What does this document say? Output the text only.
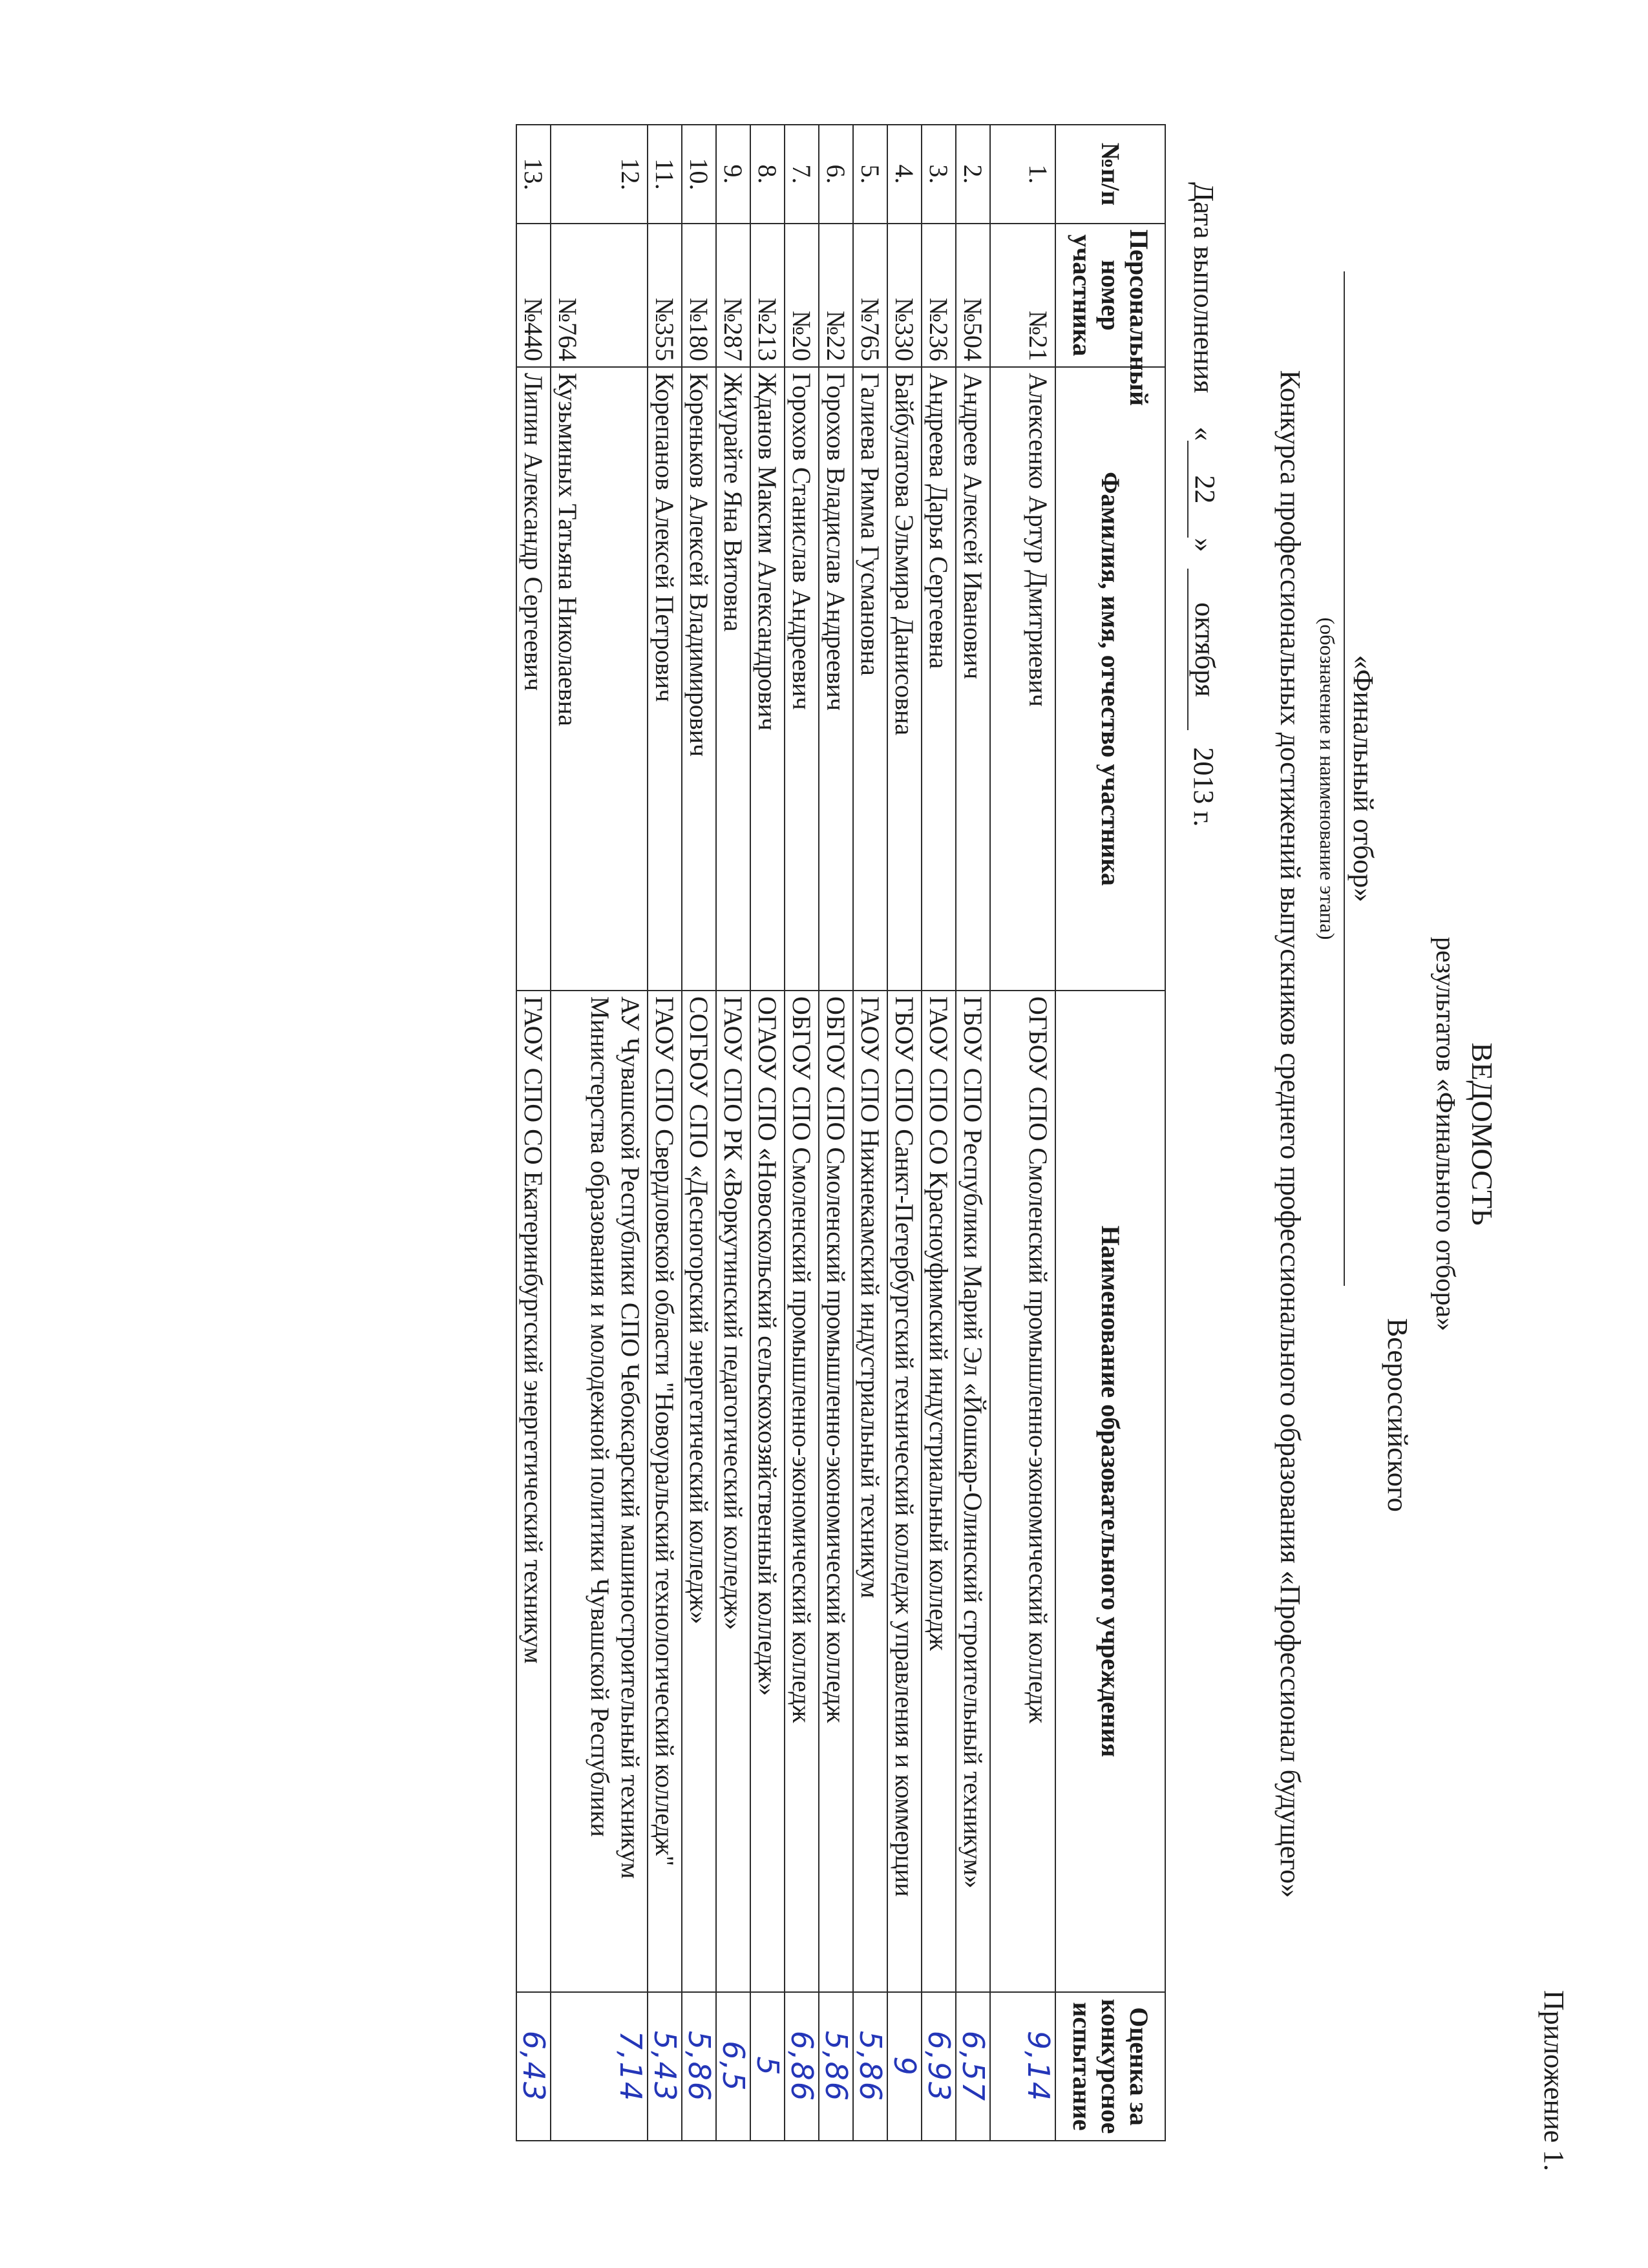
Приложение 1.
ВЕДОМОСТЬ
результатов «Финального отбора»
Всероссийского
«Финальный отбор»
(обозначение и наименование этапа)
Конкурса профессиональных достижений выпускников среднего профессионального образования «Профессионал будущего»
Дата выполнения
«
22
»
октября
2013 г.
№п/п	Персональный номер участника	Фамилия, имя, отчество участника	Наименование образовательного учреждения	Оценка за конкурсное испытание
1.	№21	Алексенко Артур Дмитриевич	ОГБОУ СПО Смоленский промышленно-экономический колледж	9,14
2.	№504	Андреев Алексей Иванович	ГБОУ СПО Республики Марий Эл «Йошкар-Олинский строительный техникум»	6,57
3.	№236	Андреева Дарья Сергеевна	ГАОУ СПО СО Красноуфимский индустриальный колледж	6,93
4.	№330	Байбулатова Эльмира Данисовна	ГБОУ СПО Санкт-Петербургский технический колледж управления и коммерции	9
5.	№765	Галиева Римма Гусмановна	ГАОУ СПО Нижнекамский индустриальный техникум	5,86
6.	№22	Горохов Владислав Андреевич	ОБГОУ СПО Смоленский промышленно-экономический колледж	5,86
7.	№20	Горохов Станислав Андреевич	ОБГОУ СПО Смоленский промышленно-экономический колледж	6,86
8.	№213	Жданов Максим Александрович	ОГАОУ СПО «Новоскольский сельскохозяйственный колледж»	5
9.	№287	Жиурайте Яна Витовна	ГАОУ СПО РК «Воркутинский педагогический колледж»	6,5
10.	№180	Кореньков Алексей Владимирович	СОГБОУ СПО «Десногорский энергетический колледж»	5,86
11.	№355	Корепанов Алексей Петрович	ГАОУ СПО Свердловской области "Новоуральский технологический колледж"	5,43
12.	№764	Кузьминых Татьяна Николаевна	АУ Чувашской Республики СПО Чебоксарский машиностроительный техникум Министерства образования и молодежной политики Чувашской Республики	7,14
13.	№440	Липин Александр Сергеевич	ГАОУ СПО СО Екатеринбургский энергетический техникум	6,43
